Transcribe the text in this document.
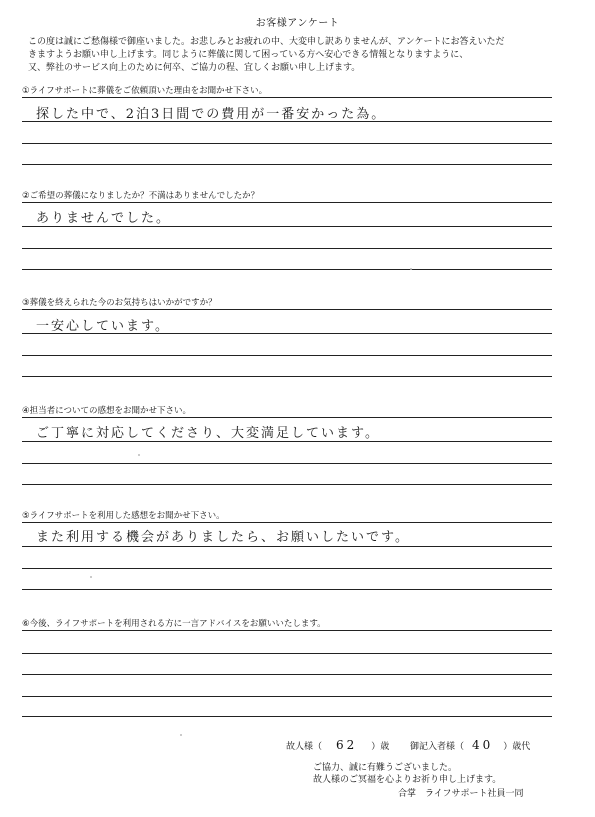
お客様アンケート
この度は誠にご愁傷様で御座いました。お悲しみとお疲れの中、大変申し訳ありませんが、アンケートにお答えいただ
きますようお願い申し上げます。同じように葬儀に関して困っている方へ安心できる情報となりますように、
又、弊社のサービス向上のために何卒、ご協力の程、宜しくお願い申し上げます。
①ライフサポートに葬儀をご依頼頂いた理由をお聞かせ下さい。
探した中で、2泊3日間での費用が一番安かった為。
②ご希望の葬儀になりましたか？不満はありませんでしたか？
ありませんでした。
③葬儀を終えられた今のお気持ちはいかがですか？
一安心しています。
④担当者についての感想をお聞かせ下さい。
ご丁寧に対応してくださり、大変満足しています。
⑤ライフサポートを利用した感想をお聞かせ下さい。
また利用する機会がありましたら、お願いしたいです。
⑥今後、ライフサポートを利用される方に一言アドバイスをお願いいたします。
故人様（ 62 ）歳 御記入者様（ 40 ）歳代
ご協力、誠に有難うございました。
故人様のご冥福を心よりお祈り申し上げます。
合掌　ライフサポート社員一同
